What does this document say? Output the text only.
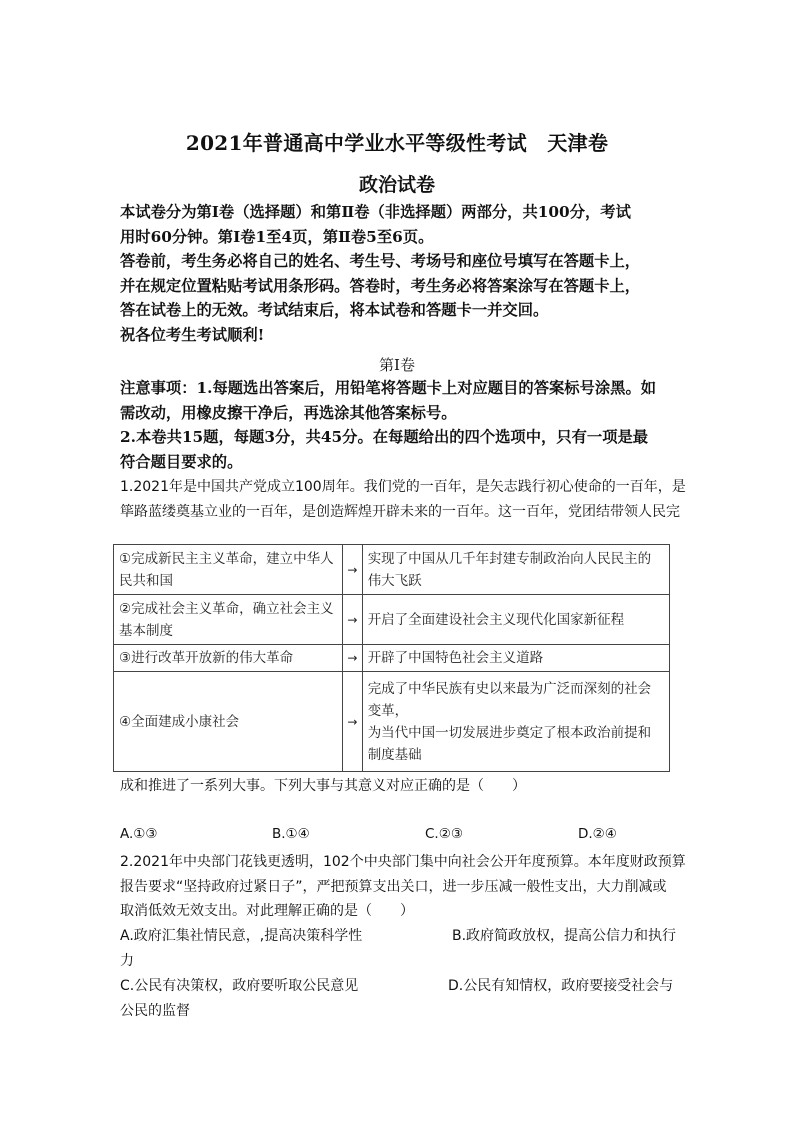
2021年普通高中学业水平等级性考试　天津卷
政治试卷
本试卷分为第Ⅰ卷（选择题）和第Ⅱ卷（非选择题）两部分，共100分，考试
用时60分钟。第Ⅰ卷1至4页，第Ⅱ卷5至6页。
答卷前，考生务必将自己的姓名、考生号、考场号和座位号填写在答题卡上，
并在规定位置粘贴考试用条形码。答卷时，考生务必将答案涂写在答题卡上，
答在试卷上的无效。考试结束后，将本试卷和答题卡一并交回。
祝各位考生考试顺利!
第Ⅰ卷
注意事项：1.每题选出答案后，用铅笔将答题卡上对应题目的答案标号涂黑。如
需改动，用橡皮擦干净后，再选涂其他答案标号。
2.本卷共15题，每题3分，共45分。在每题给出的四个选项中，只有一项是最
符合题目要求的。
1.2021年是中国共产党成立100周年。我们党的一百年，是矢志践行初心使命的一百年，是
筚路蓝缕奠基立业的一百年，是创造辉煌开辟未来的一百年。这一百年，党团结带领人民完
①完成新民主主义革命，建立中华人民共和国	→	实现了中国从几千年封建专制政治向人民民主的伟大飞跃
②完成社会主义革命，确立社会主义基本制度	→	开启了全面建设社会主义现代化国家新征程
③进行改革开放新的伟大革命	→	开辟了中国特色社会主义道路
④全面建成小康社会	→	完成了中华民族有史以来最为广泛而深刻的社会变革，
为当代中国一切发展进步奠定了根本政治前提和制度基础
成和推进了一系列大事。下列大事与其意义对应正确的是（　　）
A.①③	B.①④	C.②③	D.②④
2.2021年中央部门花钱更透明，102个中央部门集中向社会公开年度预算。本年度财政预算
报告要求“坚持政府过紧日子”，严把预算支出关口，进一步压减一般性支出，大力削减或
取消低效无效支出。对此理解正确的是（　　）
A.政府汇集社情民意，,提高决策科学性	B.政府简政放权，提高公信力和执行
力
C.公民有决策权，政府要听取公民意见	D.公民有知情权，政府要接受社会与
公民的监督
